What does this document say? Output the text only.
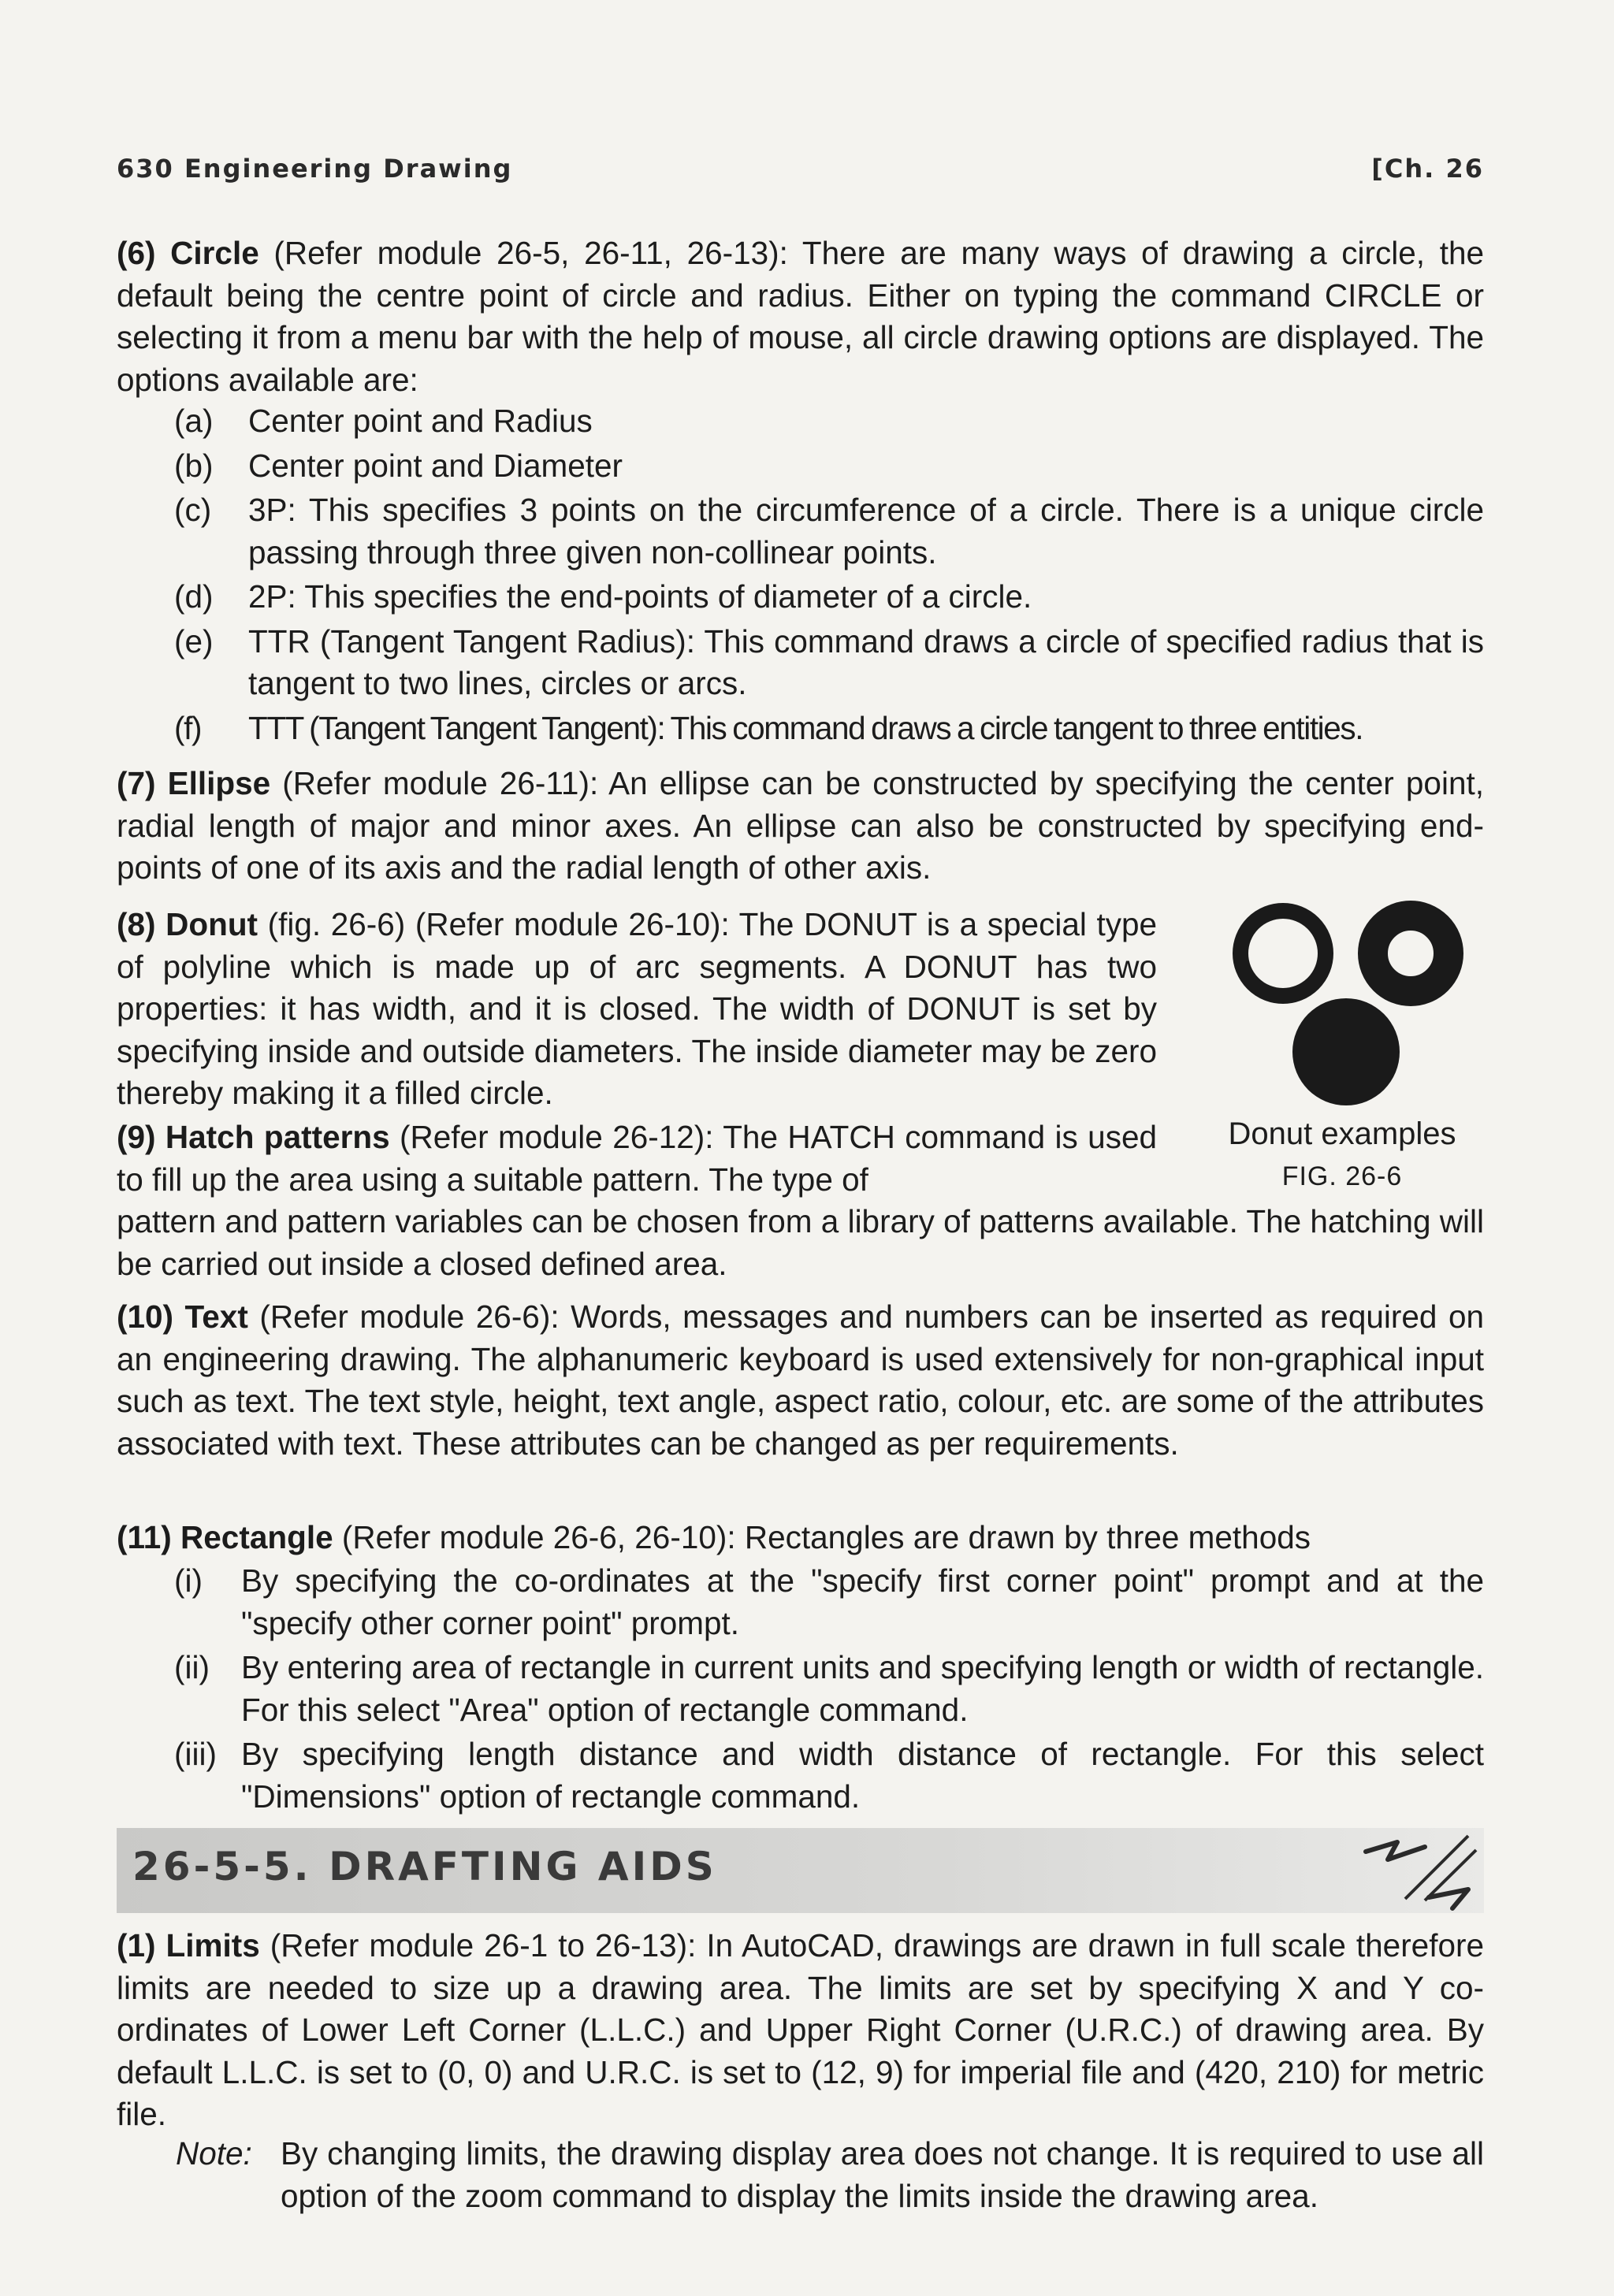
630 Engineering Drawing	[Ch. 26
(6) Circle (Refer module 26-5, 26-11, 26-13): There are many ways of drawing a circle, the default being the centre point of circle and radius. Either on typing the command CIRCLE or selecting it from a menu bar with the help of mouse, all circle drawing options are displayed. The options available are:
(a) Center point and Radius
(b) Center point and Diameter
(c) 3P: This specifies 3 points on the circumference of a circle. There is a unique circle passing through three given non-collinear points.
(d) 2P: This specifies the end-points of diameter of a circle.
(e) TTR (Tangent Tangent Radius): This command draws a circle of specified radius that is tangent to two lines, circles or arcs.
(f) TTT (Tangent Tangent Tangent): This command draws a circle tangent to three entities.
(7) Ellipse (Refer module 26-11): An ellipse can be constructed by specifying the center point, radial length of major and minor axes. An ellipse can also be constructed by specifying end-points of one of its axis and the radial length of other axis.
(8) Donut (fig. 26-6) (Refer module 26-10): The DONUT is a special type of polyline which is made up of arc segments. A DONUT has two properties: it has width, and it is closed. The width of DONUT is set by specifying inside and outside diameters. The inside diameter may be zero thereby making it a filled circle.
Donut examples
FIG. 26-6
(9) Hatch patterns (Refer module 26-12): The HATCH command is used to fill up the area using a suitable pattern. The type of
pattern and pattern variables can be chosen from a library of patterns available. The hatching will be carried out inside a closed defined area.
(10) Text (Refer module 26-6): Words, messages and numbers can be inserted as required on an engineering drawing. The alphanumeric keyboard is used extensively for non-graphical input such as text. The text style, height, text angle, aspect ratio, colour, etc. are some of the attributes associated with text. These attributes can be changed as per requirements.
(11) Rectangle (Refer module 26-6, 26-10): Rectangles are drawn by three methods
(i) By specifying the co-ordinates at the "specify first corner point" prompt and at the "specify other corner point" prompt.
(ii) By entering area of rectangle in current units and specifying length or width of rectangle. For this select "Area" option of rectangle command.
(iii) By specifying length distance and width distance of rectangle. For this select "Dimensions" option of rectangle command.
26-5-5. DRAFTING AIDS
(1) Limits (Refer module 26-1 to 26-13): In AutoCAD, drawings are drawn in full scale therefore limits are needed to size up a drawing area. The limits are set by specifying X and Y co-ordinates of Lower Left Corner (L.L.C.) and Upper Right Corner (U.R.C.) of drawing area. By default L.L.C. is set to (0, 0) and U.R.C. is set to (12, 9) for imperial file and (420, 210) for metric file.
Note: By changing limits, the drawing display area does not change. It is required to use all option of the zoom command to display the limits inside the drawing area.
